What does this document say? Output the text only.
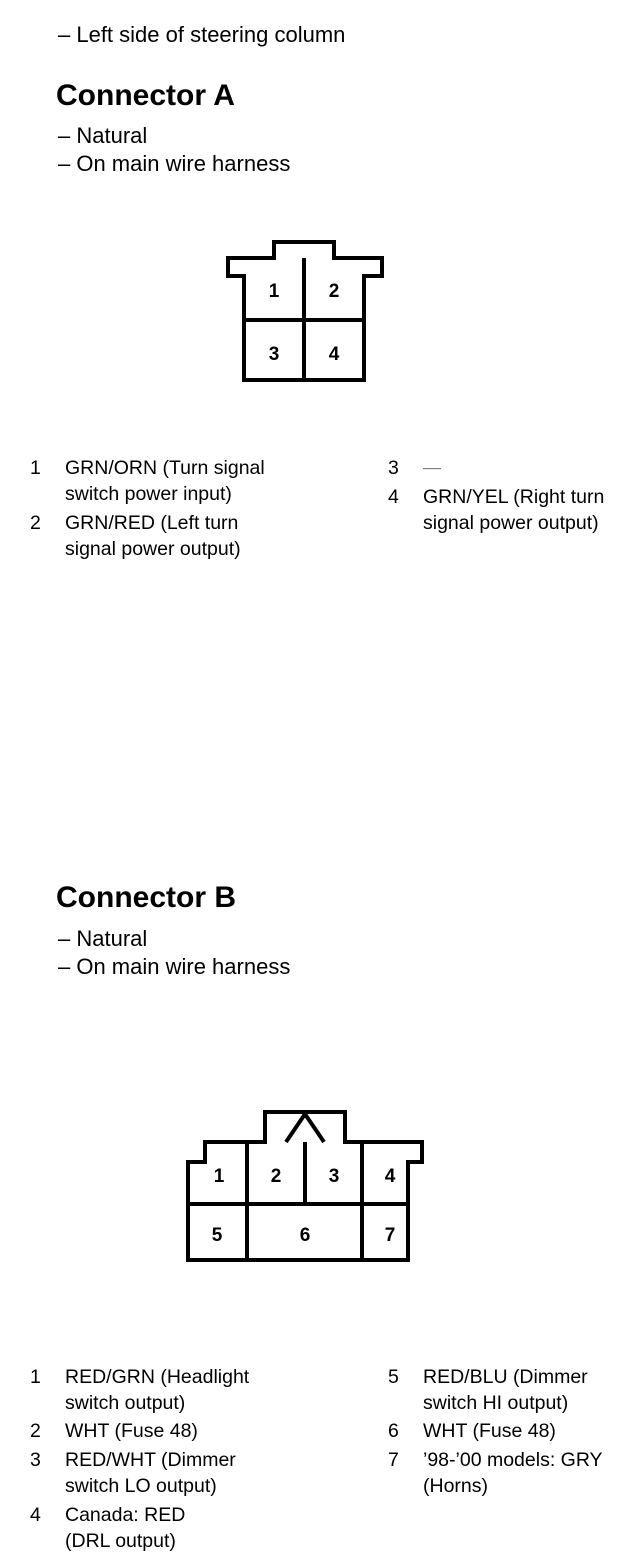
– Left side of steering column
Connector A
– Natural
– On main wire harness
1	2
3	4
1	GRN/ORN (Turn signal
switch power input)
2	GRN/RED (Left turn
signal power output)
3	——
4	GRN/YEL (Right turn
signal power output)
Connector B
– Natural
– On main wire harness
1 2 3 4
5	6	7
1	RED/GRN (Headlight
switch output)
2	WHT (Fuse 48)
3	RED/WHT (Dimmer
switch LO output)
4	Canada: RED
(DRL output)
5	RED/BLU (Dimmer
switch HI output)
6	WHT (Fuse 48)
7	’98-’00 models: GRY
(Horns)
